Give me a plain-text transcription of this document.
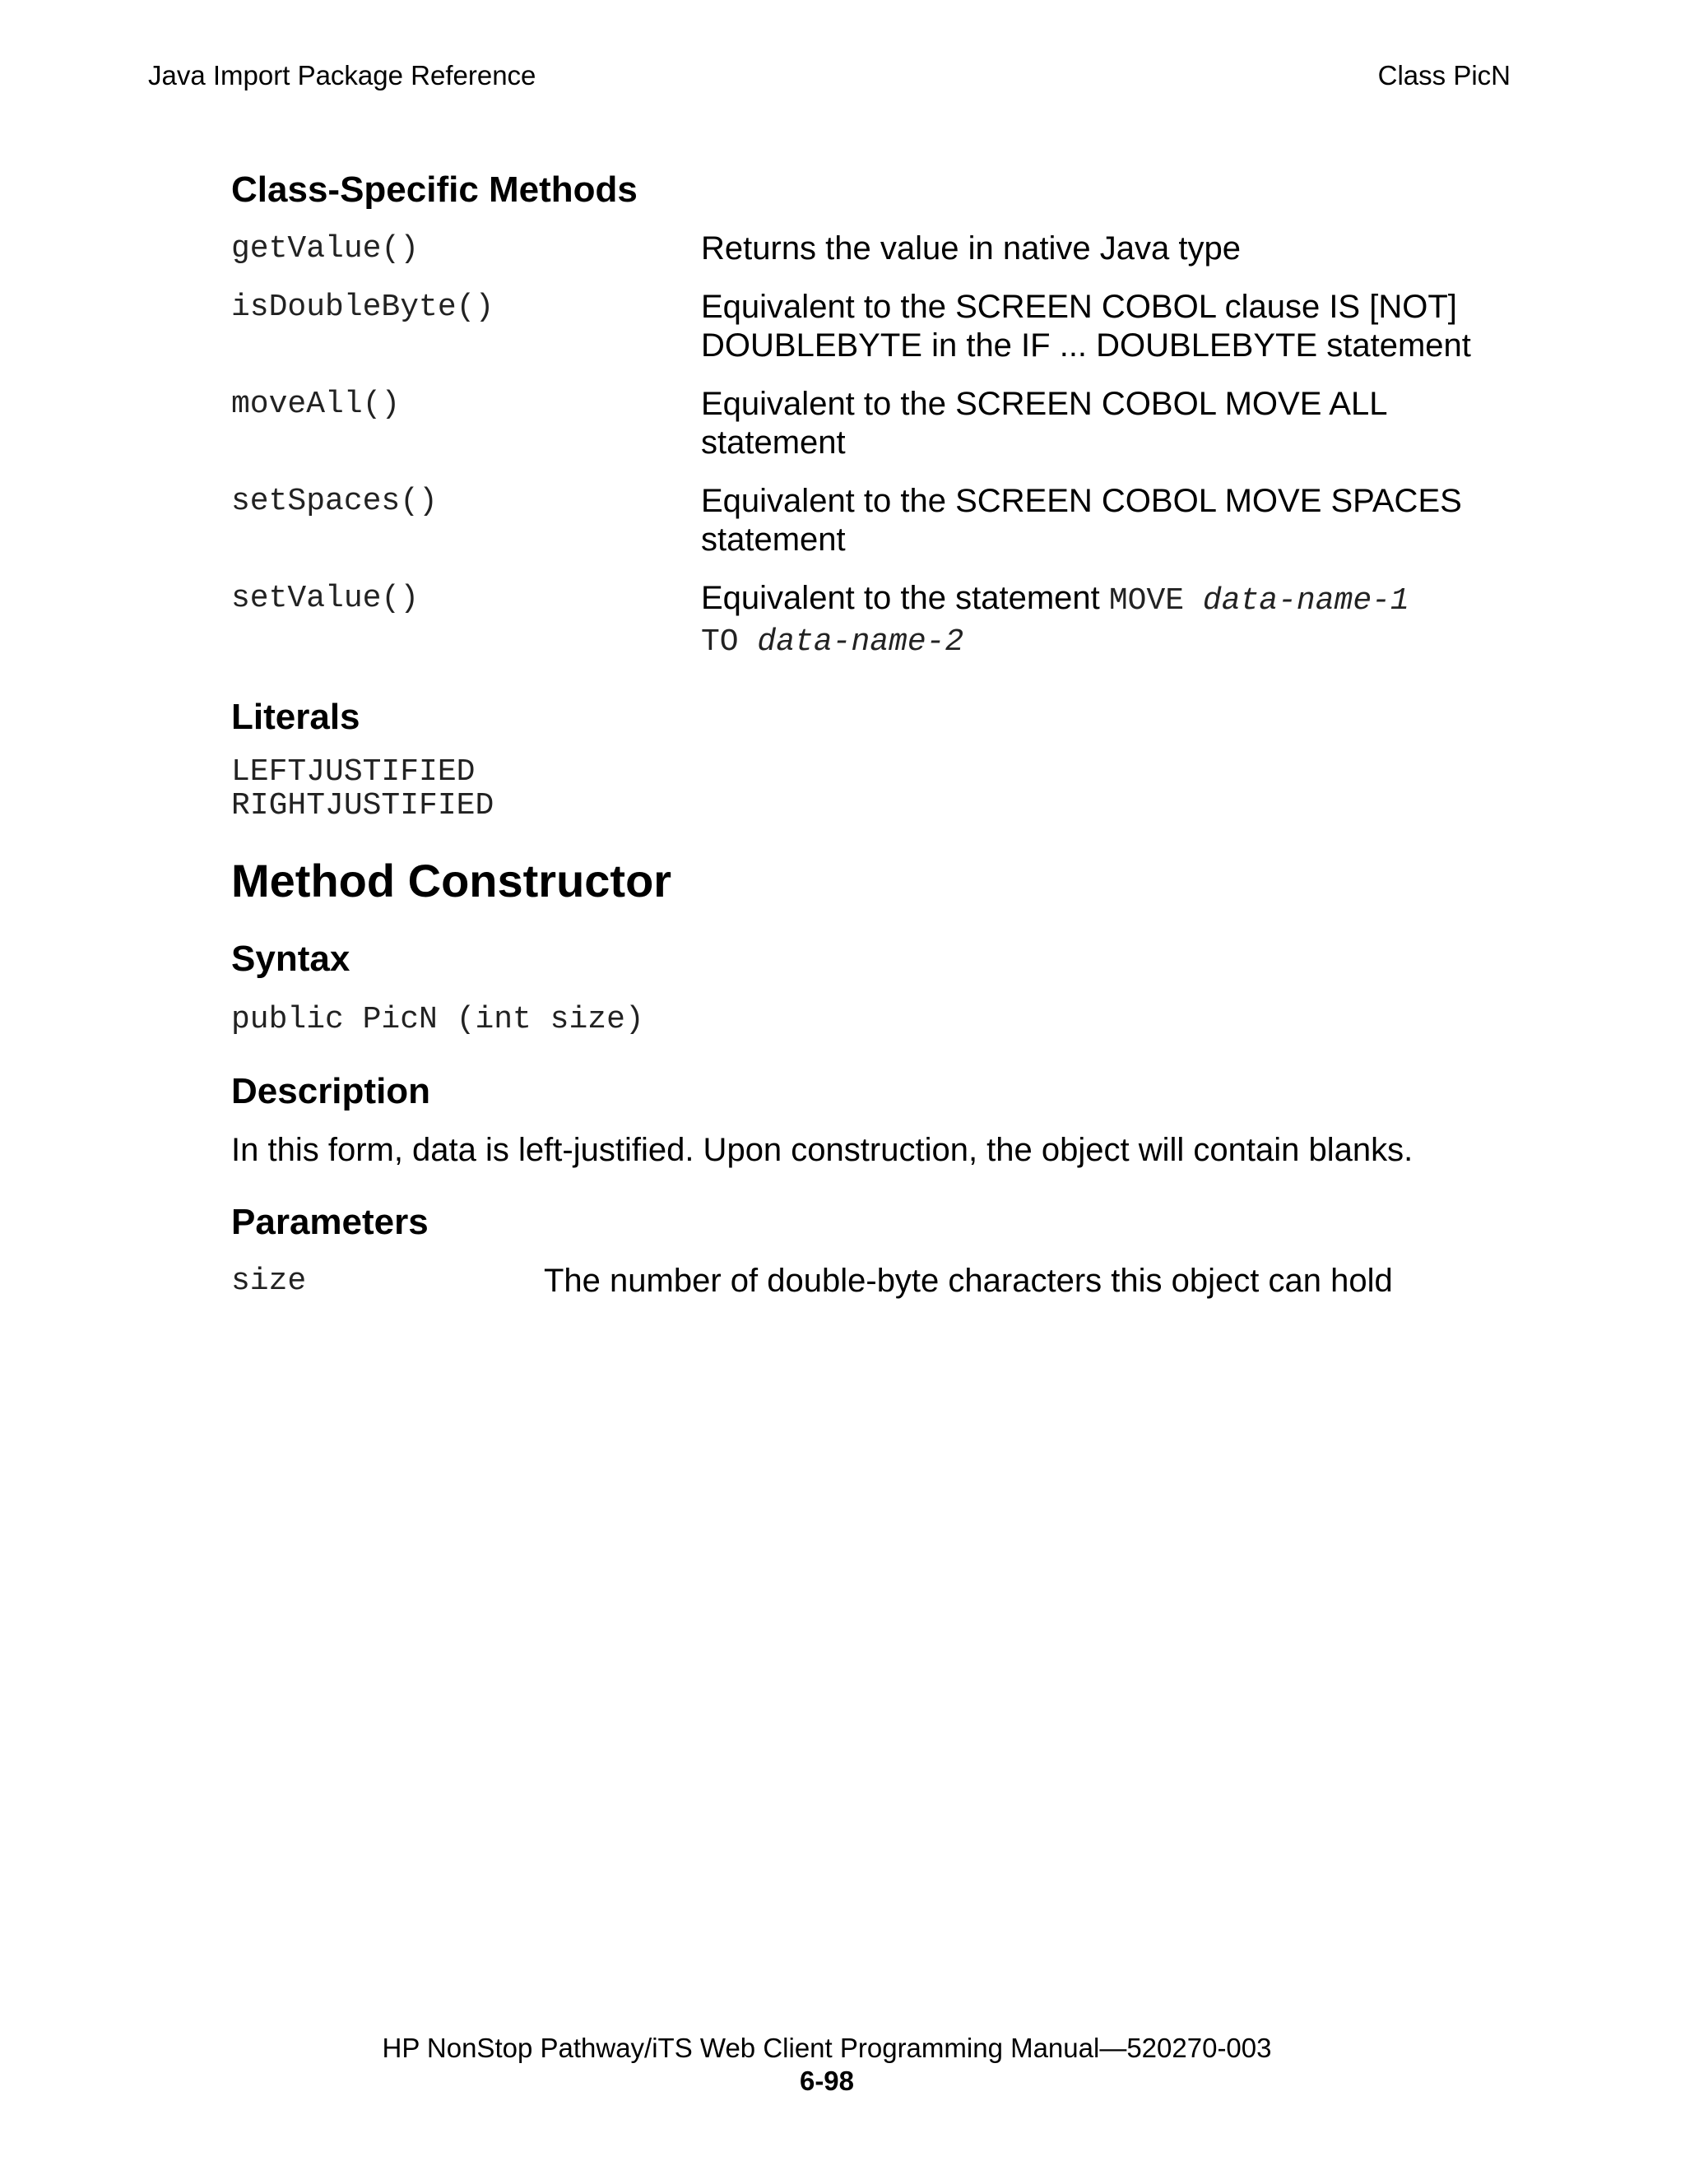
Java Import Package Reference	Class PicN
Class-Specific Methods
getValue()	Returns the value in native Java type
isDoubleByte()	Equivalent to the SCREEN COBOL clause IS [NOT] DOUBLEBYTE in the IF ... DOUBLEBYTE statement
moveAll()	Equivalent to the SCREEN COBOL MOVE ALL statement
setSpaces()	Equivalent to the SCREEN COBOL MOVE SPACES statement
setValue()	Equivalent to the statement MOVE data-name-1
TO data-name-2
Literals
LEFTJUSTIFIED
RIGHTJUSTIFIED
Method Constructor
Syntax
public PicN (int size)
Description
In this form, data is left-justified. Upon construction, the object will contain blanks.
Parameters
size	The number of double-byte characters this object can hold
HP NonStop Pathway/iTS Web Client Programming Manual—520270-003
6-98
